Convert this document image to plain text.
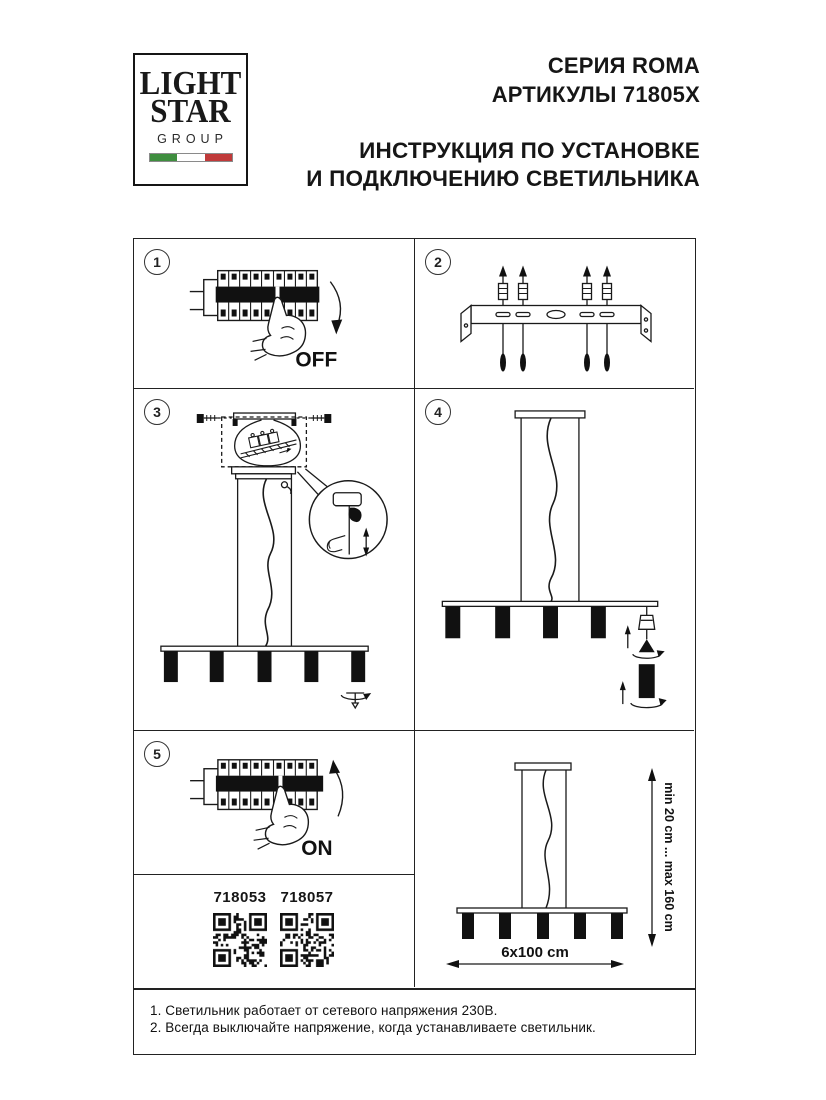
LIGHT
STAR
GROUP
СЕРИЯ ROMA
АРТИКУЛЫ 71805X
ИНСТРУКЦИЯ ПО УСТАНОВКЕ
И ПОДКЛЮЧЕНИЮ СВЕТИЛЬНИКА
1
OFF
2
3	4
5
ON
718053 718057	min 20 cm ... max 160 cm
6x100 cm
1. Светильник работает от сетевого напряжения 230В.
2. Всегда выключайте напряжение, когда устанавливаете светильник.
